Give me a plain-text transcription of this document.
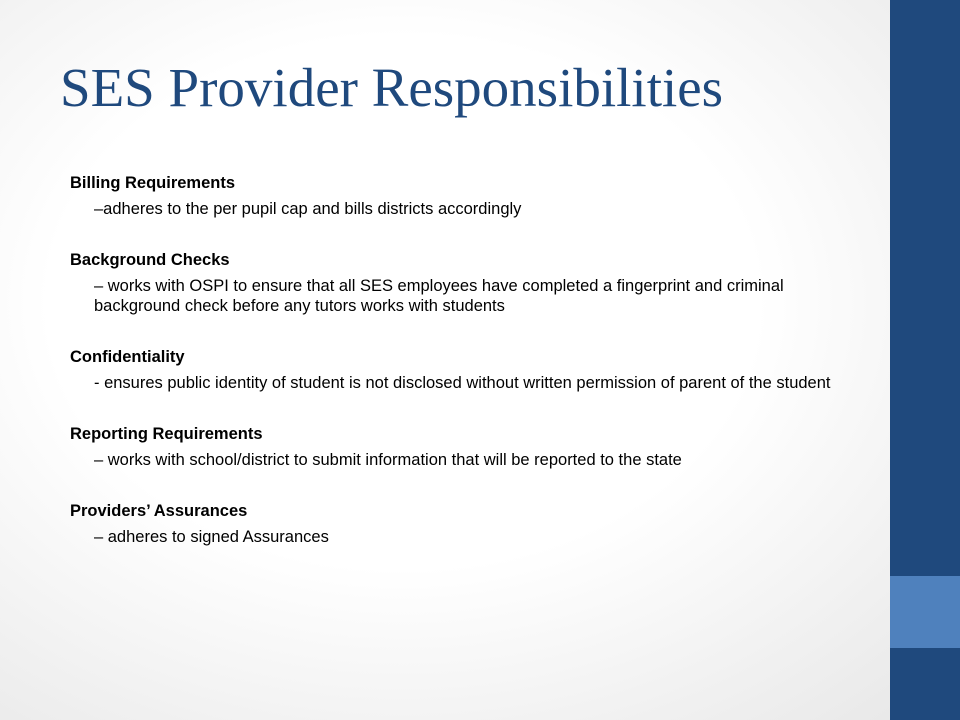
SES Provider Responsibilities
Billing Requirements
–adheres to the per pupil cap and bills districts accordingly
Background Checks
– works with OSPI to ensure that all SES employees have completed a fingerprint and criminal background check before any tutors works with students
Confidentiality
- ensures public identity of student is not disclosed without written permission of parent of the student
Reporting Requirements
– works with school/district to submit information that will be reported to the state
Providers’ Assurances
– adheres to signed Assurances
